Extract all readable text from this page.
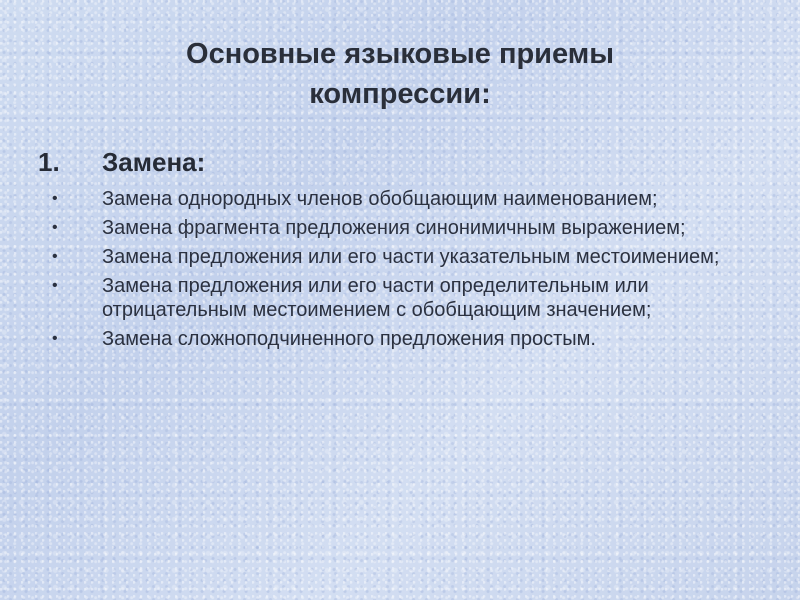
Основные языковые приемы
компрессии:
1. Замена:
• Замена однородных членов обобщающим наименованием;
• Замена фрагмента предложения синонимичным выражением;
• Замена предложения или его части указательным местоимением;
• Замена предложения или его части определительным или отрицательным местоимением с обобщающим значением;
• Замена сложноподчиненного предложения простым.
